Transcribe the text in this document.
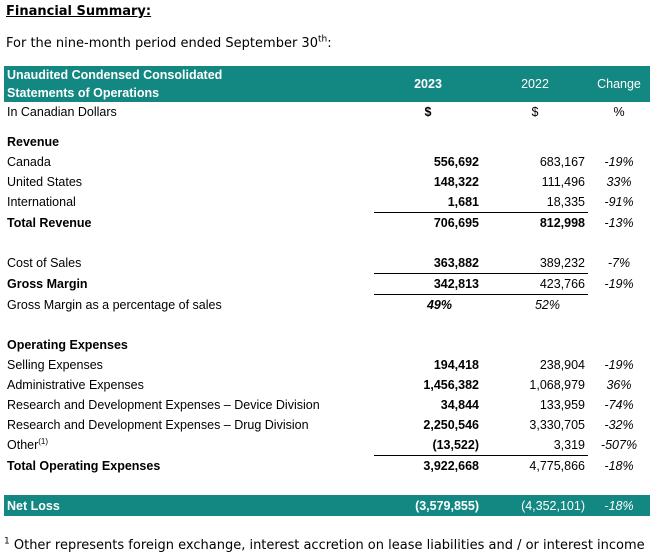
Financial Summary:
For the nine-month period ended September 30th:
Unaudited Condensed Consolidated
Statements of Operations	2023	2022	Change
In Canadian Dollars	$	$	%

Revenue			
Canada	556,692	683,167	-19%
United States	148,322	111,496	33%
International	1,681	18,335	-91%
Total Revenue	706,695	812,998	-13%

Cost of Sales	363,882	389,232	-7%
Gross Margin	342,813	423,766	-19%
Gross Margin as a percentage of sales	49%	52%	

Operating Expenses			
Selling Expenses	194,418	238,904	-19%
Administrative Expenses	1,456,382	1,068,979	36%
Research and Development Expenses – Device Division	34,844	133,959	-74%
Research and Development Expenses – Drug Division	2,250,546	3,330,705	-32%
Other$^{(1)}$	(13,522)	3,319	-507%
Total Operating Expenses	3,922,668	4,775,866	-18%

Net Loss	(3,579,855)	(4,352,101)	-18%
$^1$ Other represents foreign exchange, interest accretion on lease liabilities and / or interest income
